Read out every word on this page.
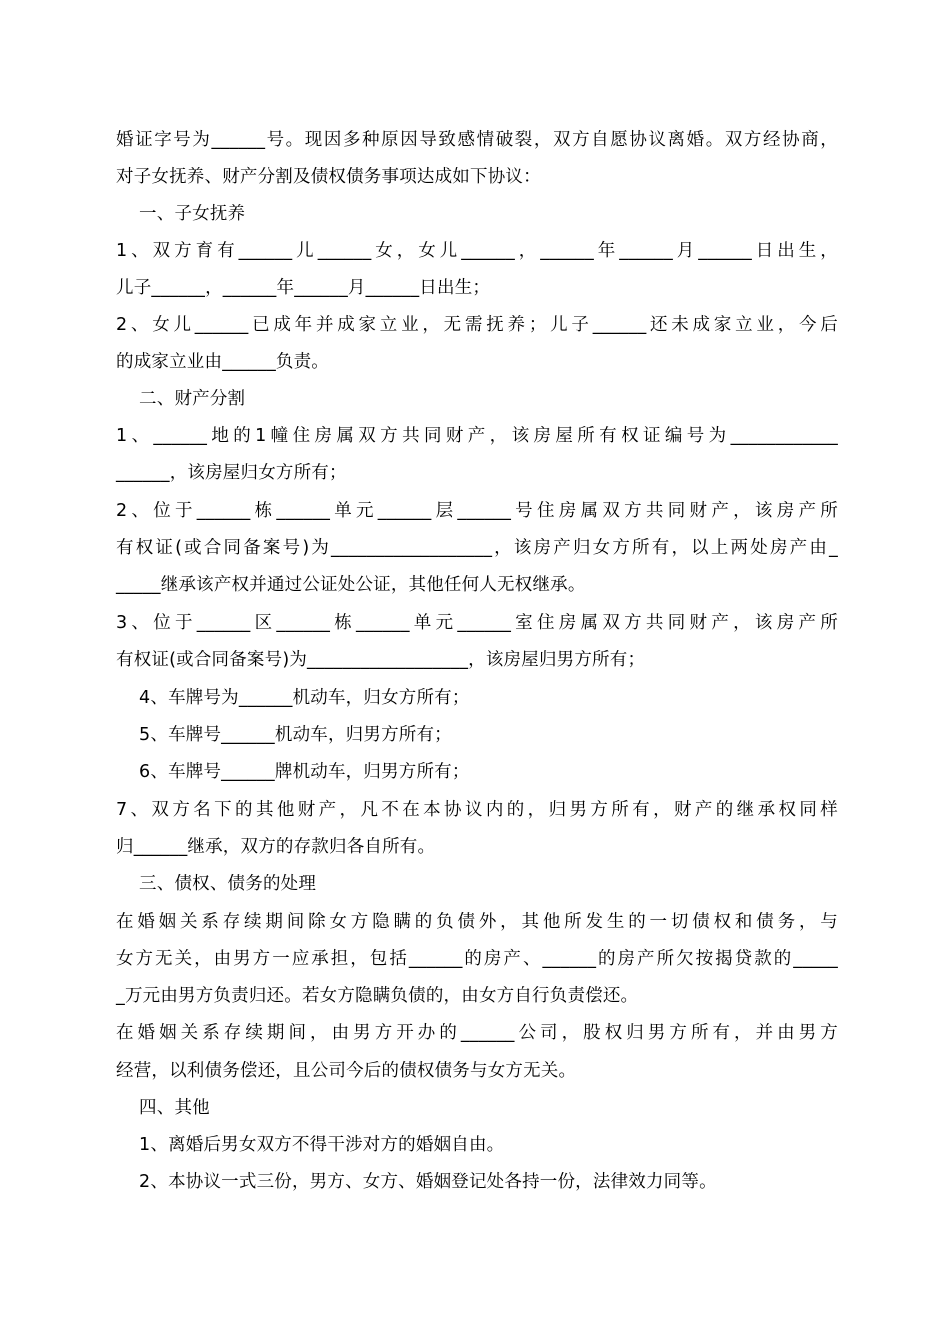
婚证字号为______号。现因多种原因导致感情破裂，双方自愿协议离婚。双方经协商，
对子女抚养、财产分割及债权债务事项达成如下协议：
一、子女抚养
1、双方育有______儿______女，女儿______，______年______月______日出生，
儿子______，______年______月______日出生；
2、女儿______已成年并成家立业，无需抚养；儿子______还未成家立业，今后
的成家立业由______负责。
二、财产分割
1、______地的1幢住房属双方共同财产，该房屋所有权证编号为____________
______，该房屋归女方所有；
2、位于______栋______单元______层______号住房属双方共同财产，该房产所
有权证(或合同备案号)为__________________，该房产归女方所有，以上两处房产由_
_____继承该产权并通过公证处公证，其他任何人无权继承。
3、位于______区______栋______单元______室住房属双方共同财产，该房产所
有权证(或合同备案号)为__________________，该房屋归男方所有；
4、车牌号为______机动车，归女方所有；
5、车牌号______机动车，归男方所有；
6、车牌号______牌机动车，归男方所有；
7、双方名下的其他财产，凡不在本协议内的，归男方所有，财产的继承权同样
归______继承，双方的存款归各自所有。
三、债权、债务的处理
在婚姻关系存续期间除女方隐瞒的负债外，其他所发生的一切债权和债务，与
女方无关，由男方一应承担，包括______的房产、______的房产所欠按揭贷款的_____
_万元由男方负责归还。若女方隐瞒负债的，由女方自行负责偿还。
在婚姻关系存续期间，由男方开办的______公司，股权归男方所有，并由男方
经营，以利债务偿还，且公司今后的债权债务与女方无关。
四、其他
1、离婚后男女双方不得干涉对方的婚姻自由。
2、本协议一式三份，男方、女方、婚姻登记处各持一份，法律效力同等。
